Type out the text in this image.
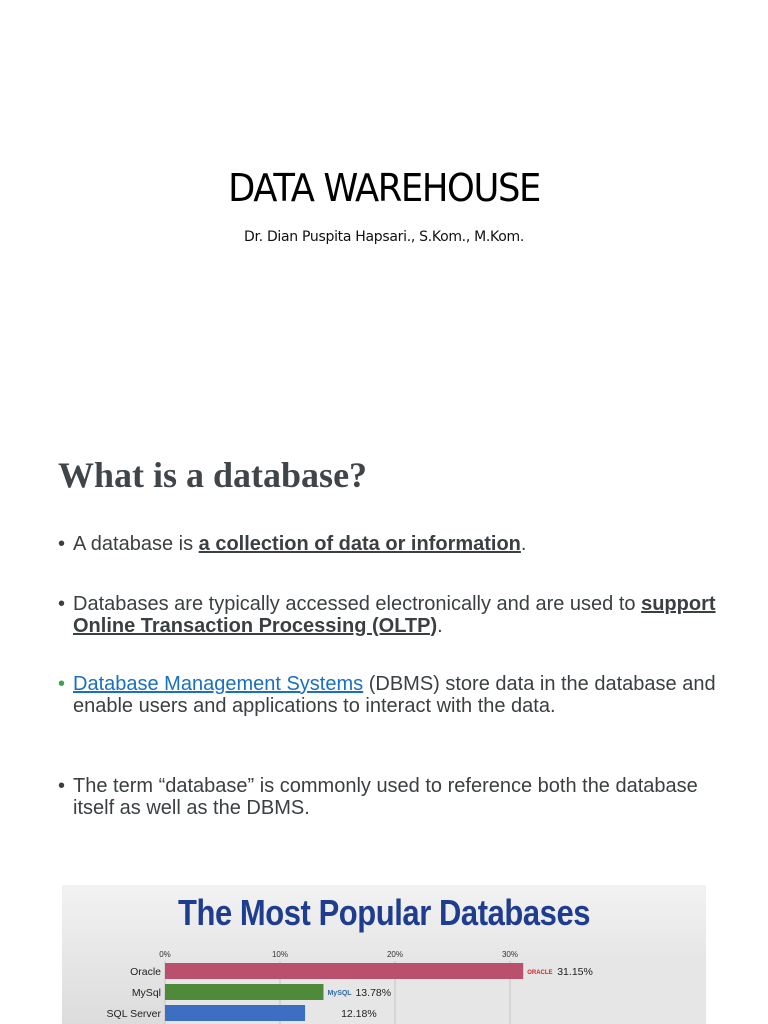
DATA WAREHOUSE
Dr. Dian Puspita Hapsari., S.Kom., M.Kom.
What is a database?
• A database is a collection of data or information.
• Databases are typically accessed electronically and are used to support Online Transaction Processing (OLTP).
• Database Management Systems (DBMS) store data in the database and enable users and applications to interact with the data.
• The term “database” is commonly used to reference both the database itself as well as the DBMS.
The Most Popular Databases
0%	10%	20%	30%
Oracle	ORACLE 31.15%
MySql	MySQL 13.78%
SQL Server	12.18%
